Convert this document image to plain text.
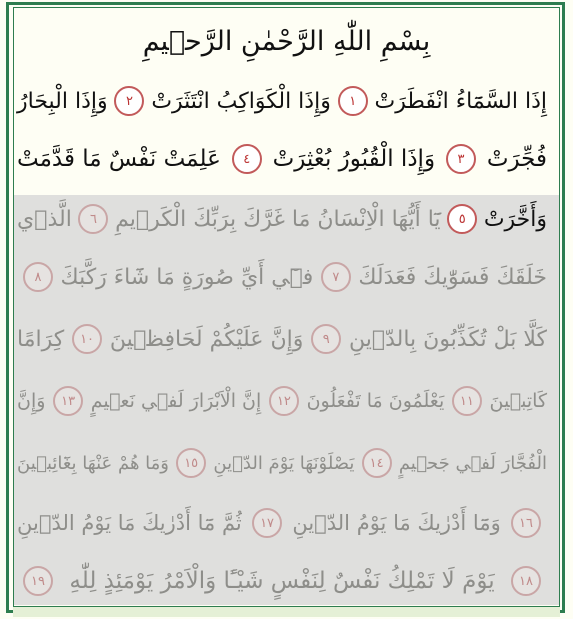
بِسْمِ اللّٰهِ الرَّحْمٰنِ الرَّح۪يمِ
إِذَا السَّمَٓاءُ انْفَطَرَتْ
١
وَإِذَا الْكَوَاكِبُ انْتَثَرَتْ
٢
وَإِذَا الْبِحَارُ
فُجِّرَتْ
٣
وَإِذَا الْقُبُورُ بُعْثِرَتْ
٤
عَلِمَتْ نَفْسٌ مَا قَدَّمَتْ
وَأَخَّرَتْ
٥
يَٓا أَيُّهَا الْاِنْسَانُ مَا غَرَّكَ بِرَبِّكَ الْكَر۪يمِ
٦
الَّذ۪ي
خَلَقَكَ فَسَوّٰيكَ فَعَدَلَكَ
٧
ف۪ٓي أَيِّ صُورَةٍ مَا شَٓاءَ رَكَّبَكَ
٨
كَلَّا بَلْ تُكَذِّبُونَ بِالدّ۪ينِ
٩
وَإِنَّ عَلَيْكُمْ لَحَافِظ۪ينَ
١٠
كِرَامًا
كَاتِب۪ينَ
١١
يَعْلَمُونَ مَا تَفْعَلُونَ
١٢
إِنَّ الْاَبْرَارَ لَف۪ي نَع۪يمٍ
١٣
وَإِنَّ
الْفُجَّارَ لَف۪ي جَح۪يمٍ
١٤
يَصْلَوْنَهَا يَوْمَ الدّ۪ينِ
١٥
وَمَا هُمْ عَنْهَا بِغَٓائِب۪ينَ
١٦
وَمَٓا أَدْرٰيكَ مَا يَوْمُ الدّ۪ينِ
١٧
ثُمَّ مَٓا أَدْرٰيكَ مَا يَوْمُ الدّ۪ينِ
١٨
يَوْمَ لَا تَمْلِكُ نَفْسٌ لِنَفْسٍ شَيْـًٔا وَالْاَمْرُ يَوْمَئِذٍ لِلّٰهِ
١٩
